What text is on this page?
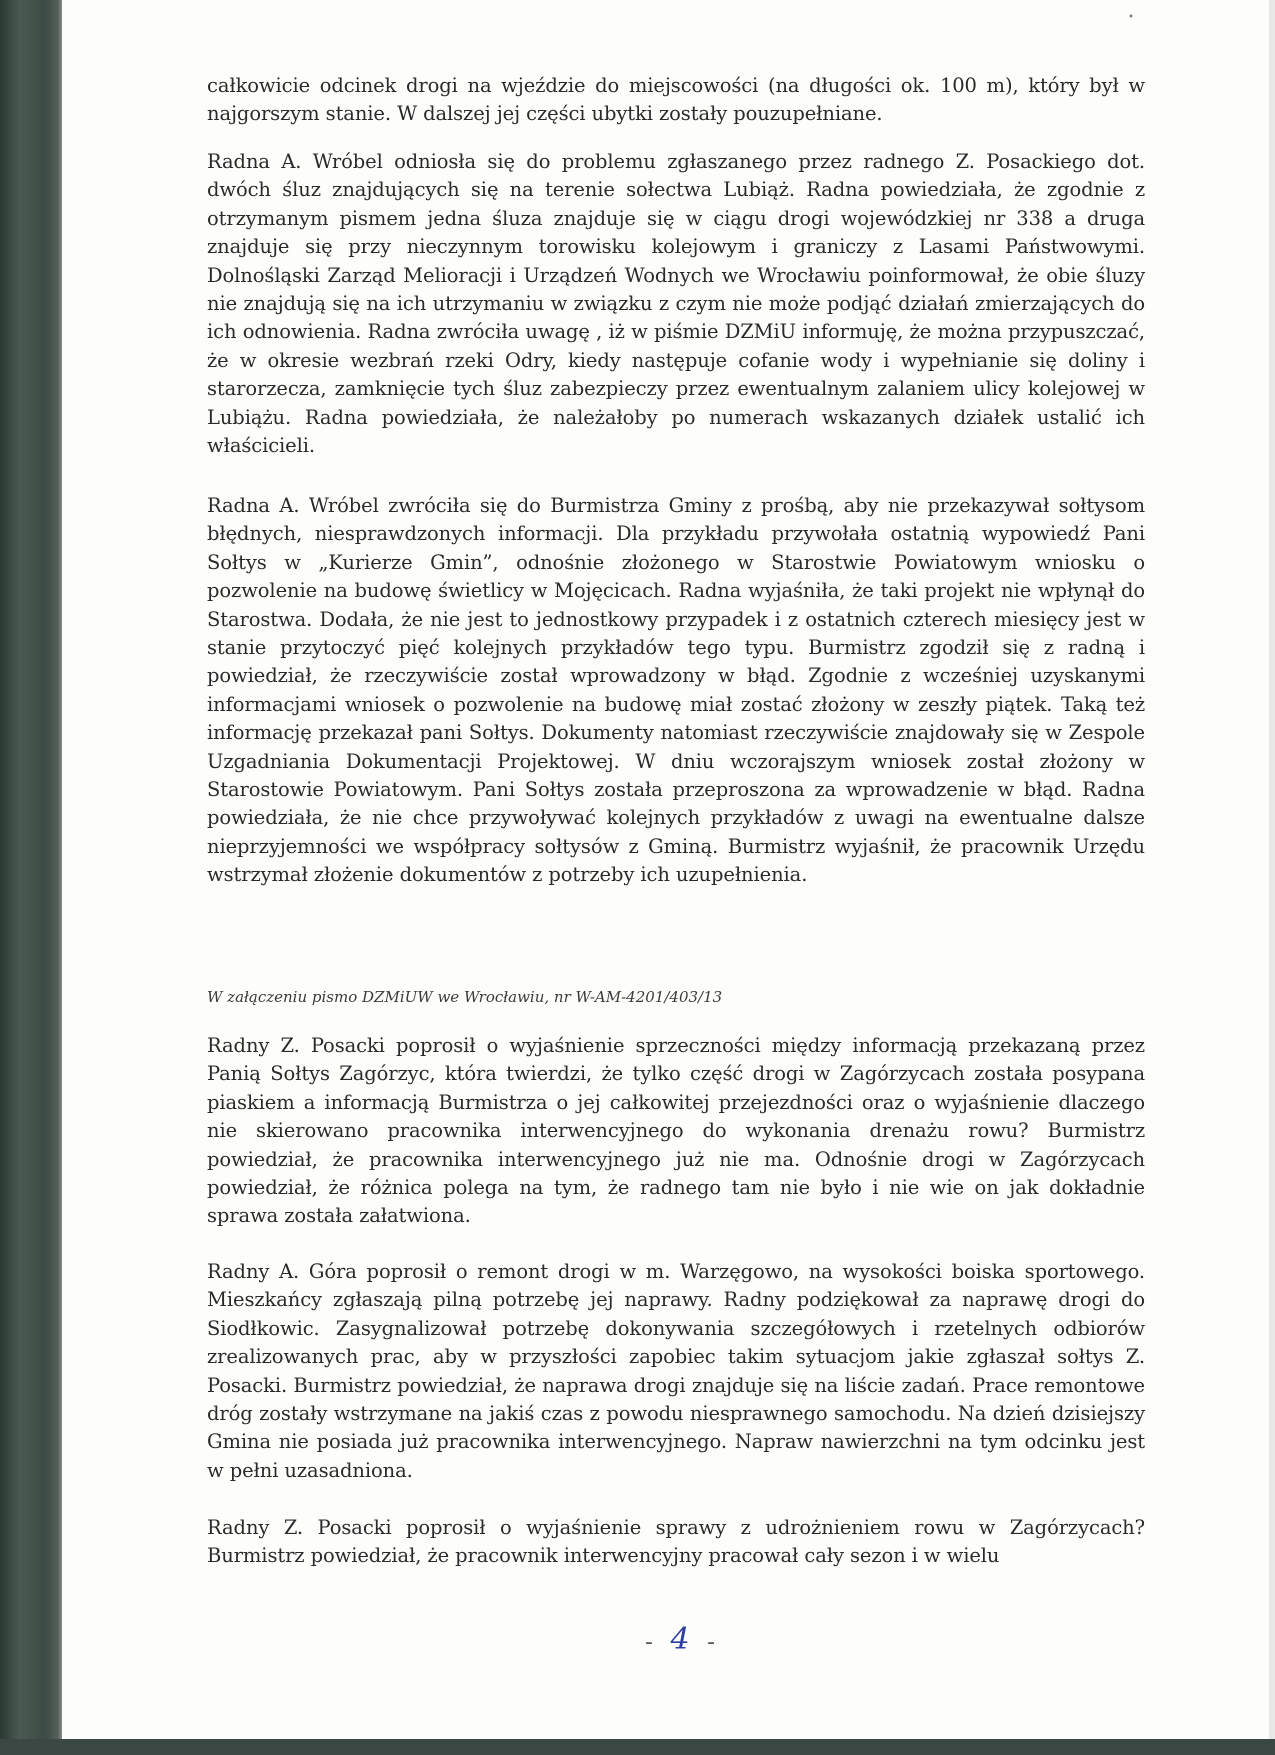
•
całkowicie odcinek drogi na wjeździe do miejscowości (na długości ok. 100 m), który był w najgorszym stanie. W dalszej jej części ubytki zostały pouzupełniane.
Radna A. Wróbel odniosła się do problemu zgłaszanego przez radnego Z. Posackiego dot. dwóch śluz znajdujących się na terenie sołectwa Lubiąż. Radna powiedziała, że zgodnie z otrzymanym pismem jedna śluza znajduje się w ciągu drogi wojewódzkiej nr 338 a druga znajduje się przy nieczynnym torowisku kolejowym i graniczy z Lasami Państwowymi. Dolnośląski Zarząd Melioracji i Urządzeń Wodnych we Wrocławiu poinformował, że obie śluzy nie znajdują się na ich utrzymaniu w związku z czym nie może podjąć działań zmierzających do ich odnowienia. Radna zwróciła uwagę , iż w piśmie DZMiU informuję, że można przypuszczać, że w okresie wezbrań rzeki Odry, kiedy następuje cofanie wody i wypełnianie się doliny i starorzecza, zamknięcie tych śluz zabezpieczy przez ewentualnym zalaniem ulicy kolejowej w Lubiążu. Radna powiedziała, że należałoby po numerach wskazanych działek ustalić ich właścicieli.
Radna A. Wróbel zwróciła się do Burmistrza Gminy z prośbą, aby nie przekazywał sołtysom błędnych, niesprawdzonych informacji. Dla przykładu przywołała ostatnią wypowiedź Pani Sołtys w „Kurierze Gmin”, odnośnie złożonego w Starostwie Powiatowym wniosku o pozwolenie na budowę świetlicy w Mojęcicach. Radna wyjaśniła, że taki projekt nie wpłynął do Starostwa. Dodała, że nie jest to jednostkowy przypadek i z ostatnich czterech miesięcy jest w stanie przytoczyć pięć kolejnych przykładów tego typu. Burmistrz zgodził się z radną i powiedział, że rzeczywiście został wprowadzony w błąd. Zgodnie z wcześniej uzyskanymi informacjami wniosek o pozwolenie na budowę miał zostać złożony w zeszły piątek. Taką też informację przekazał pani Sołtys. Dokumenty natomiast rzeczywiście znajdowały się w Zespole Uzgadniania Dokumentacji Projektowej. W dniu wczorajszym wniosek został złożony w Starostowie Powiatowym. Pani Sołtys została przeproszona za wprowadzenie w błąd. Radna powiedziała, że nie chce przywoływać kolejnych przykładów z uwagi na ewentualne dalsze nieprzyjemności we współpracy sołtysów z Gminą. Burmistrz wyjaśnił, że pracownik Urzędu wstrzymał złożenie dokumentów z potrzeby ich uzupełnienia.
W załączeniu pismo DZMiUW we Wrocławiu, nr W-AM-4201/403/13
Radny Z. Posacki poprosił o wyjaśnienie sprzeczności między informacją przekazaną przez Panią Sołtys Zagórzyc, która twierdzi, że tylko część drogi w Zagórzycach została posypana piaskiem a informacją Burmistrza o jej całkowitej przejezdności oraz o wyjaśnienie dlaczego nie skierowano pracownika interwencyjnego do wykonania drenażu rowu? Burmistrz powiedział, że pracownika interwencyjnego już nie ma. Odnośnie drogi w Zagórzycach powiedział, że różnica polega na tym, że radnego tam nie było i nie wie on jak dokładnie sprawa została załatwiona.
Radny A. Góra poprosił o remont drogi w m. Warzęgowo, na wysokości boiska sportowego. Mieszkańcy zgłaszają pilną potrzebę jej naprawy. Radny podziękował za naprawę drogi do Siodłkowic. Zasygnalizował potrzebę dokonywania szczegółowych i rzetelnych odbiorów zrealizowanych prac, aby w przyszłości zapobiec takim sytuacjom jakie zgłaszał sołtys Z. Posacki. Burmistrz powiedział, że naprawa drogi znajduje się na liście zadań. Prace remontowe dróg zostały wstrzymane na jakiś czas z powodu niesprawnego samochodu. Na dzień dzisiejszy Gmina nie posiada już pracownika interwencyjnego. Napraw nawierzchni na tym odcinku jest w pełni uzasadniona.
Radny Z. Posacki poprosił o wyjaśnienie sprawy z udrożnieniem rowu w Zagórzycach? Burmistrz powiedział, że pracownik interwencyjny pracował cały sezon i w wielu
- 4 -
